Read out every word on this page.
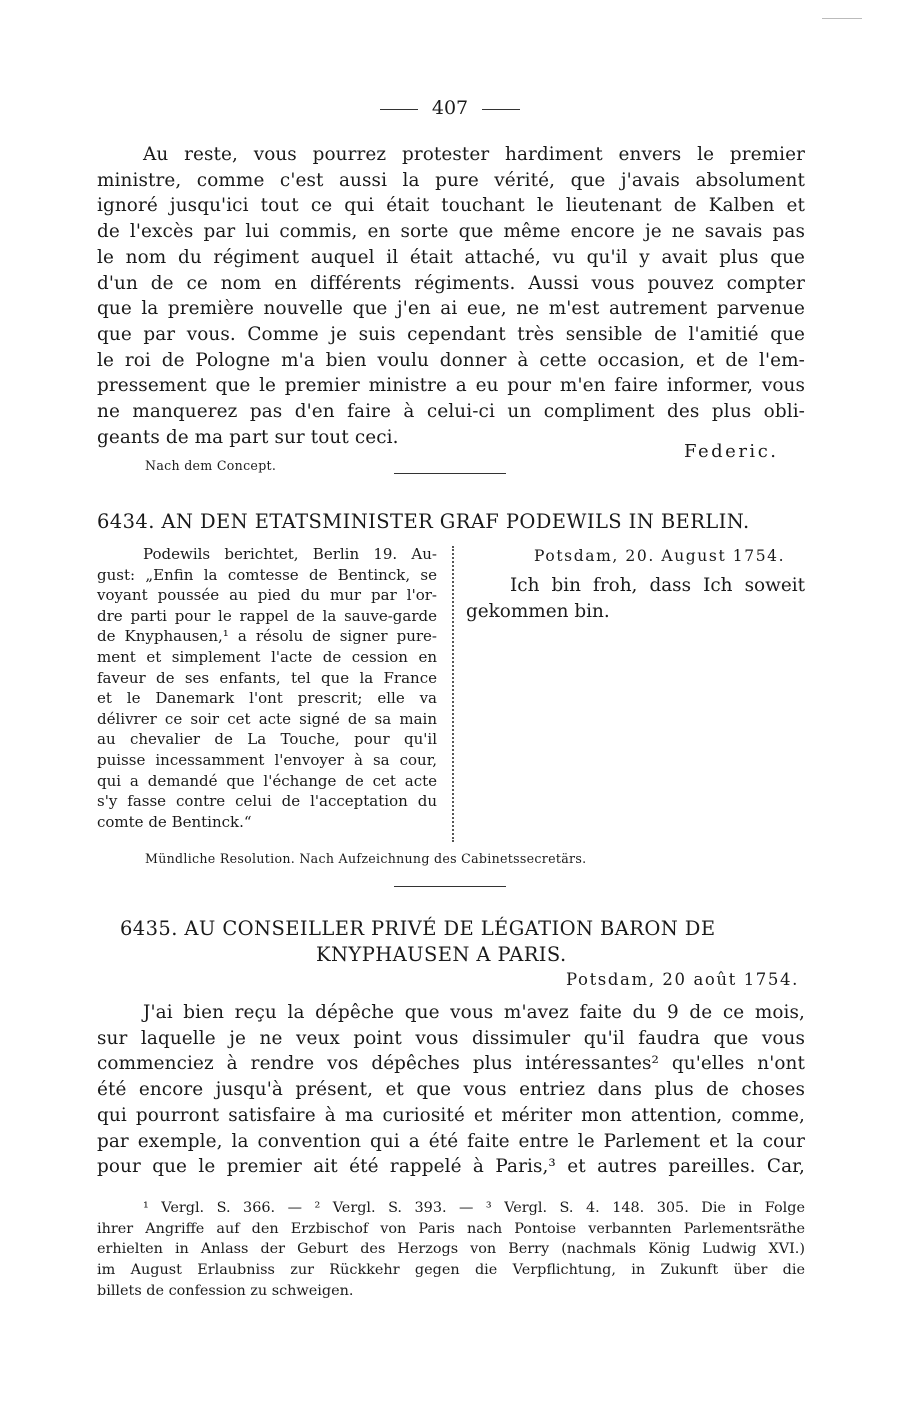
407
Au reste, vous pourrez protester hardiment envers le premier
ministre, comme c'est aussi la pure vérité, que j'avais absolument
ignoré jusqu'ici tout ce qui était touchant le lieutenant de Kalben et
de l'excès par lui commis, en sorte que même encore je ne savais pas
le nom du régiment auquel il était attaché, vu qu'il y avait plus que
d'un de ce nom en différents régiments. Aussi vous pouvez compter
que la première nouvelle que j'en ai eue, ne m'est autrement parvenue
que par vous. Comme je suis cependant très sensible de l'amitié que
le roi de Pologne m'a bien voulu donner à cette occasion, et de l'em-
pressement que le premier ministre a eu pour m'en faire informer, vous
ne manquerez pas d'en faire à celui-ci un compliment des plus obli-
geants de ma part sur tout ceci.
Federic.
Nach dem Concept.
6434. AN DEN ETATSMINISTER GRAF PODEWILS IN BERLIN.
Podewils berichtet, Berlin 19. Au-
gust: „Enfin la comtesse de Bentinck, se
voyant poussée au pied du mur par l'or-
dre parti pour le rappel de la sauve-garde
de Knyphausen,¹ a résolu de signer pure-
ment et simplement l'acte de cession en
faveur de ses enfants, tel que la France
et le Danemark l'ont prescrit; elle va
délivrer ce soir cet acte signé de sa main
au chevalier de La Touche, pour qu'il
puisse incessamment l'envoyer à sa cour,
qui a demandé que l'échange de cet acte
s'y fasse contre celui de l'acceptation du
comte de Bentinck.“
Potsdam, 20. August 1754.
Ich bin froh, dass Ich soweit
gekommen bin.
Mündliche Resolution. Nach Aufzeichnung des Cabinetssecretärs.
6435. AU CONSEILLER PRIVÉ DE LÉGATION BARON DE
KNYPHAUSEN A PARIS.
Potsdam, 20 août 1754.
J'ai bien reçu la dépêche que vous m'avez faite du 9 de ce mois,
sur laquelle je ne veux point vous dissimuler qu'il faudra que vous
commenciez à rendre vos dépêches plus intéressantes² qu'elles n'ont
été encore jusqu'à présent, et que vous entriez dans plus de choses
qui pourront satisfaire à ma curiosité et mériter mon attention, comme,
par exemple, la convention qui a été faite entre le Parlement et la cour
pour que le premier ait été rappelé à Paris,³ et autres pareilles. Car,
¹ Vergl. S. 366. — ² Vergl. S. 393. — ³ Vergl. S. 4. 148. 305. Die in Folge
ihrer Angriffe auf den Erzbischof von Paris nach Pontoise verbannten Parlementsräthe
erhielten in Anlass der Geburt des Herzogs von Berry (nachmals König Ludwig XVI.)
im August Erlaubniss zur Rückkehr gegen die Verpflichtung, in Zukunft über die
billets de confession zu schweigen.
